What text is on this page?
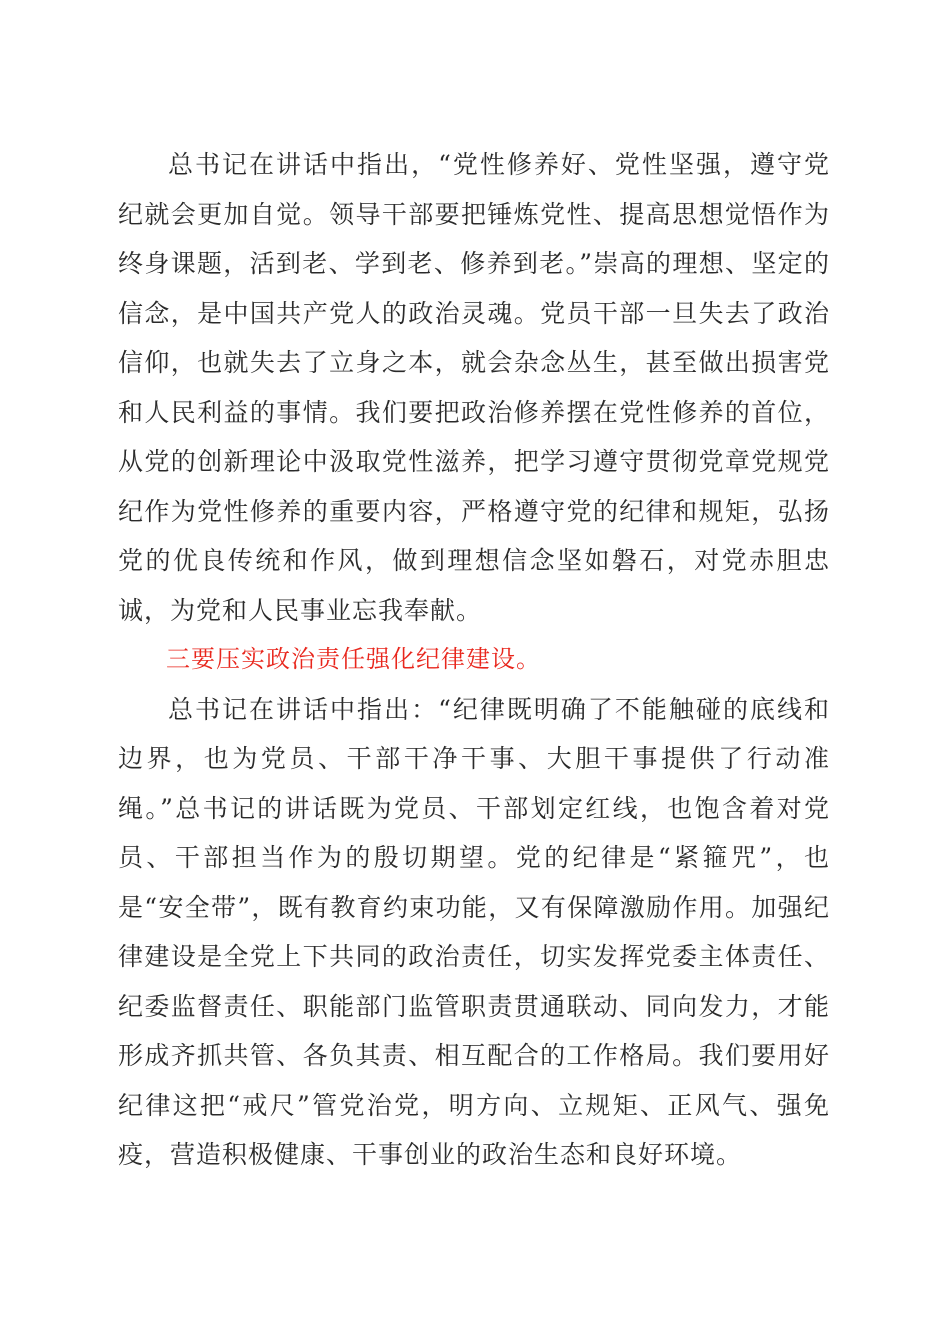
总书记在讲话中指出，“党性修养好、党性坚强，遵守党纪就会更加自觉。领导干部要把锤炼党性、提高思想觉悟作为终身课题，活到老、学到老、修养到老。”崇高的理想、坚定的信念，是中国共产党人的政治灵魂。党员干部一旦失去了政治信仰，也就失去了立身之本，就会杂念丛生，甚至做出损害党和人民利益的事情。我们要把政治修养摆在党性修养的首位，从党的创新理论中汲取党性滋养，把学习遵守贯彻党章党规党纪作为党性修养的重要内容，严格遵守党的纪律和规矩，弘扬党的优良传统和作风，做到理想信念坚如磐石，对党赤胆忠诚，为党和人民事业忘我奉献。

三要压实政治责任强化纪律建设。

总书记在讲话中指出：“纪律既明确了不能触碰的底线和边界，也为党员、干部干净干事、大胆干事提供了行动准绳。”总书记的讲话既为党员、干部划定红线，也饱含着对党员、干部担当作为的殷切期望。党的纪律是“紧箍咒”，也是“安全带”，既有教育约束功能，又有保障激励作用。加强纪律建设是全党上下共同的政治责任，切实发挥党委主体责任、纪委监督责任、职能部门监管职责贯通联动、同向发力，才能形成齐抓共管、各负其责、相互配合的工作格局。我们要用好纪律这把“戒尺”管党治党，明方向、立规矩、正风气、强免疫，营造积极健康、干事创业的政治生态和良好环境。
